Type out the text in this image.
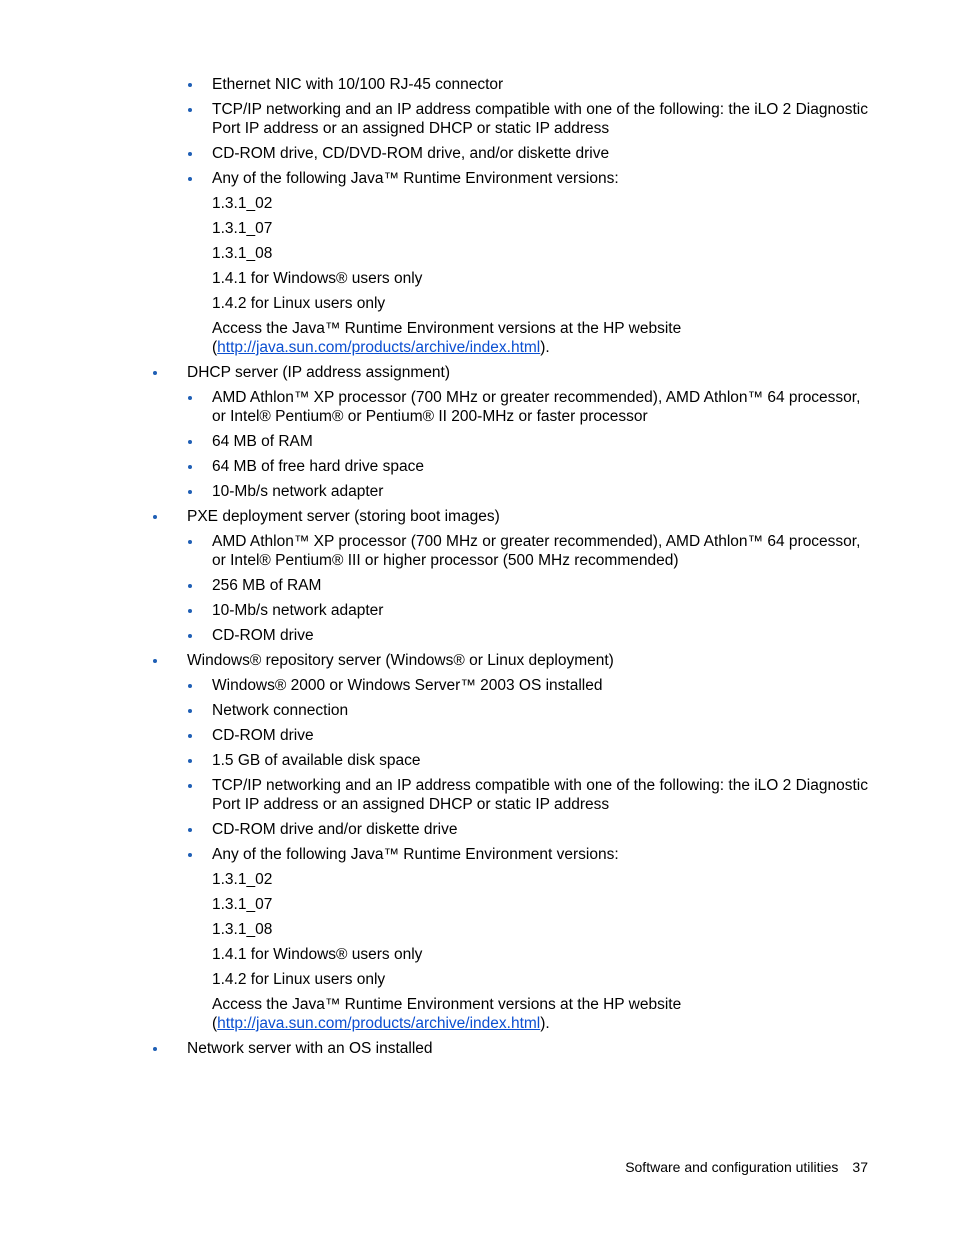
Ethernet NIC with 10/100 RJ-45 connector
TCP/IP networking and an IP address compatible with one of the following: the iLO 2 Diagnostic
Port IP address or an assigned DHCP or static IP address
CD-ROM drive, CD/DVD-ROM drive, and/or diskette drive
Any of the following Java™ Runtime Environment versions:
1.3.1_02
1.3.1_07
1.3.1_08
1.4.1 for Windows® users only
1.4.2 for Linux users only
Access the Java™ Runtime Environment versions at the HP website
(http://java.sun.com/products/archive/index.html).
DHCP server (IP address assignment)
AMD Athlon™ XP processor (700 MHz or greater recommended), AMD Athlon™ 64 processor,
or Intel® Pentium® or Pentium® II 200-MHz or faster processor
64 MB of RAM
64 MB of free hard drive space
10-Mb/s network adapter
PXE deployment server (storing boot images)
AMD Athlon™ XP processor (700 MHz or greater recommended), AMD Athlon™ 64 processor,
or Intel® Pentium® III or higher processor (500 MHz recommended)
256 MB of RAM
10-Mb/s network adapter
CD-ROM drive
Windows® repository server (Windows® or Linux deployment)
Windows® 2000 or Windows Server™ 2003 OS installed
Network connection
CD-ROM drive
1.5 GB of available disk space
TCP/IP networking and an IP address compatible with one of the following: the iLO 2 Diagnostic
Port IP address or an assigned DHCP or static IP address
CD-ROM drive and/or diskette drive
Any of the following Java™ Runtime Environment versions:
1.3.1_02
1.3.1_07
1.3.1_08
1.4.1 for Windows® users only
1.4.2 for Linux users only
Access the Java™ Runtime Environment versions at the HP website
(http://java.sun.com/products/archive/index.html).
Network server with an OS installed
Software and configuration utilities 37
